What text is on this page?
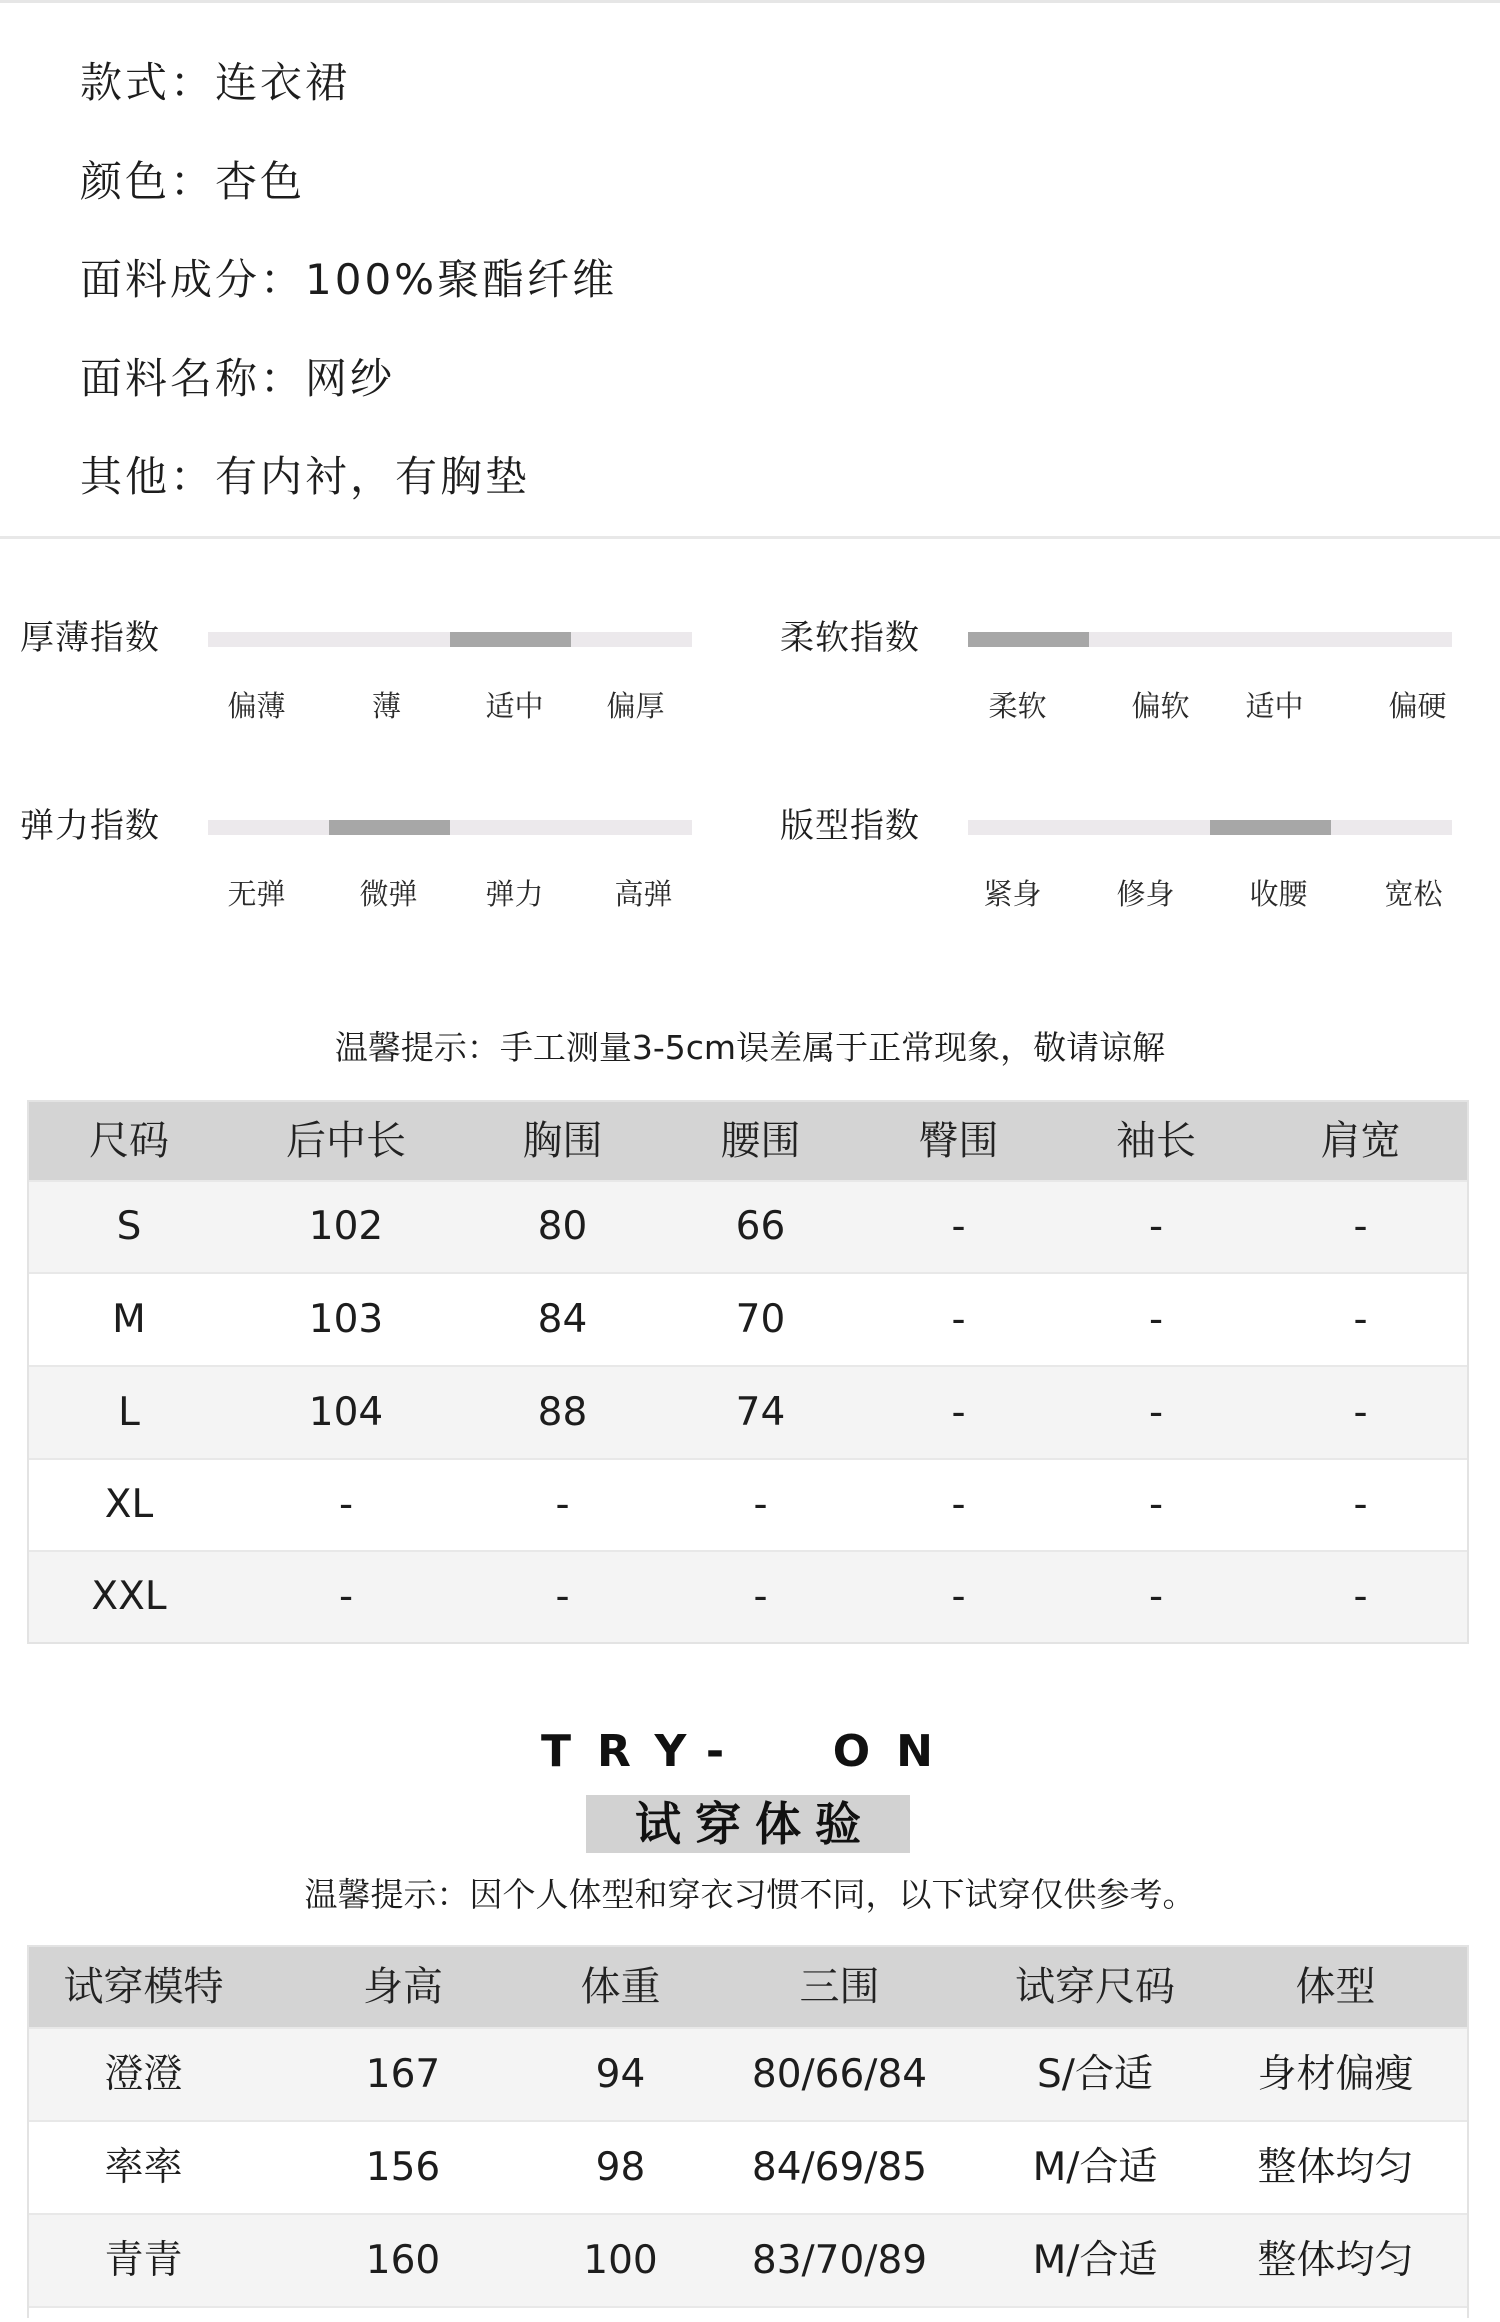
款式：连衣裙
颜色：杏色
面料成分：100%聚酯纤维
面料名称：网纱
其他：有内衬，有胸垫
厚薄指数
偏薄	薄	适中	偏厚
柔软指数
柔软	偏软	适中	偏硬
弹力指数
无弹	微弹	弹力	高弹
版型指数
紧身	修身	收腰	宽松
温馨提示：手工测量3-5cm误差属于正常现象，敬请谅解
尺码	后中长	胸围	腰围	臀围	袖长	肩宽
S	102	80	66	-	-	-
M	103	84	70	-	-	-
L	104	88	74	-	-	-
XL	-	-	-	-	-	-
XXL	-	-	-	-	-	-
TRY-  ON
试穿体验
温馨提示：因个人体型和穿衣习惯不同，以下试穿仅供参考。
试穿模特	身高	体重	三围	试穿尺码	体型
澄澄	167	94	80/66/84	S/合适	身材偏瘦
率率	156	98	84/69/85	M/合适	整体均匀
青青	160	100	83/70/89	M/合适	整体均匀
